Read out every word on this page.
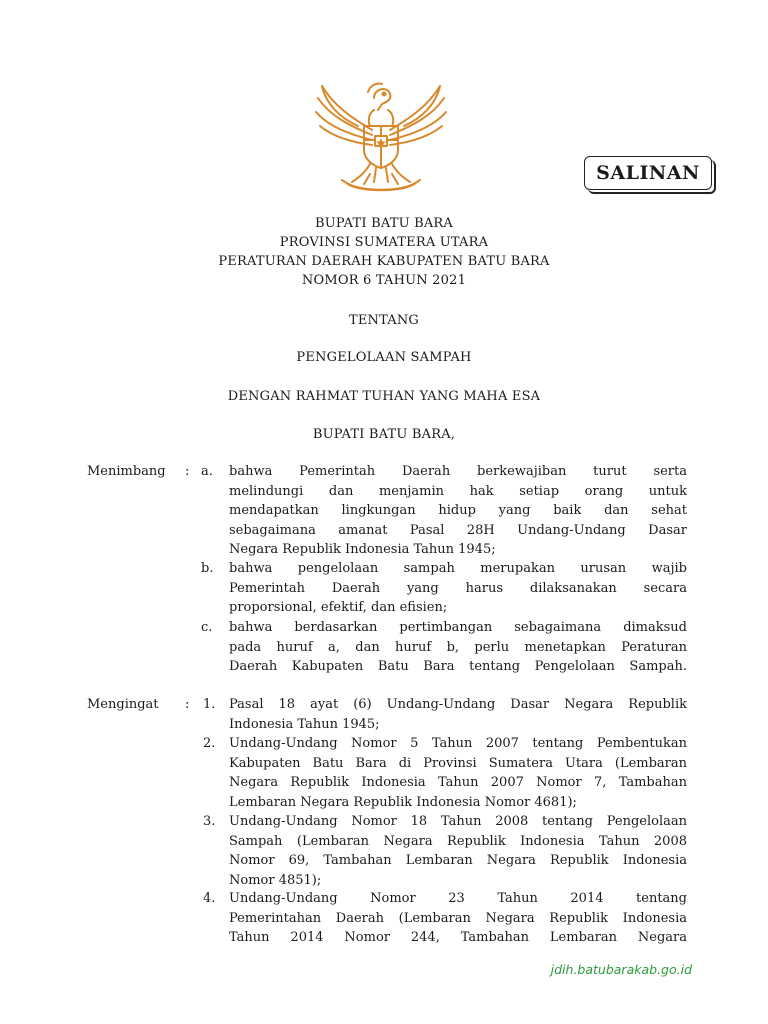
SALINAN
BUPATI BATU BARA
PROVINSI SUMATERA UTARA
PERATURAN DAERAH KABUPATEN BATU BARA
NOMOR 6 TAHUN 2021
TENTANG
PENGELOLAAN SAMPAH
DENGAN RAHMAT TUHAN YANG MAHA ESA
BUPATI BATU BARA,
Menimbang : a. bahwa Pemerintah Daerah berkewajiban turut serta
melindungi dan menjamin hak setiap orang untuk
mendapatkan lingkungan hidup yang baik dan sehat
sebagaimana amanat Pasal 28H Undang-Undang Dasar
Negara Republik Indonesia Tahun 1945;
b. bahwa pengelolaan sampah merupakan urusan wajib
Pemerintah Daerah yang harus dilaksanakan secara
proporsional, efektif, dan efisien;
c. bahwa berdasarkan pertimbangan sebagaimana dimaksud
pada huruf a, dan huruf b, perlu menetapkan Peraturan
Daerah Kabupaten Batu Bara tentang Pengelolaan Sampah.
Mengingat : 1. Pasal 18 ayat (6) Undang-Undang Dasar Negara Republik
Indonesia Tahun 1945;
2. Undang-Undang Nomor 5 Tahun 2007 tentang Pembentukan
Kabupaten Batu Bara di Provinsi Sumatera Utara (Lembaran
Negara Republik Indonesia Tahun 2007 Nomor 7, Tambahan
Lembaran Negara Republik Indonesia Nomor 4681);
3. Undang-Undang Nomor 18 Tahun 2008 tentang Pengelolaan
Sampah (Lembaran Negara Republik Indonesia Tahun 2008
Nomor 69, Tambahan Lembaran Negara Republik Indonesia
Nomor 4851);
4. Undang-Undang Nomor 23 Tahun 2014 tentang
Pemerintahan Daerah (Lembaran Negara Republik Indonesia
Tahun 2014 Nomor 244, Tambahan Lembaran Negara
jdih.batubarakab.go.id
